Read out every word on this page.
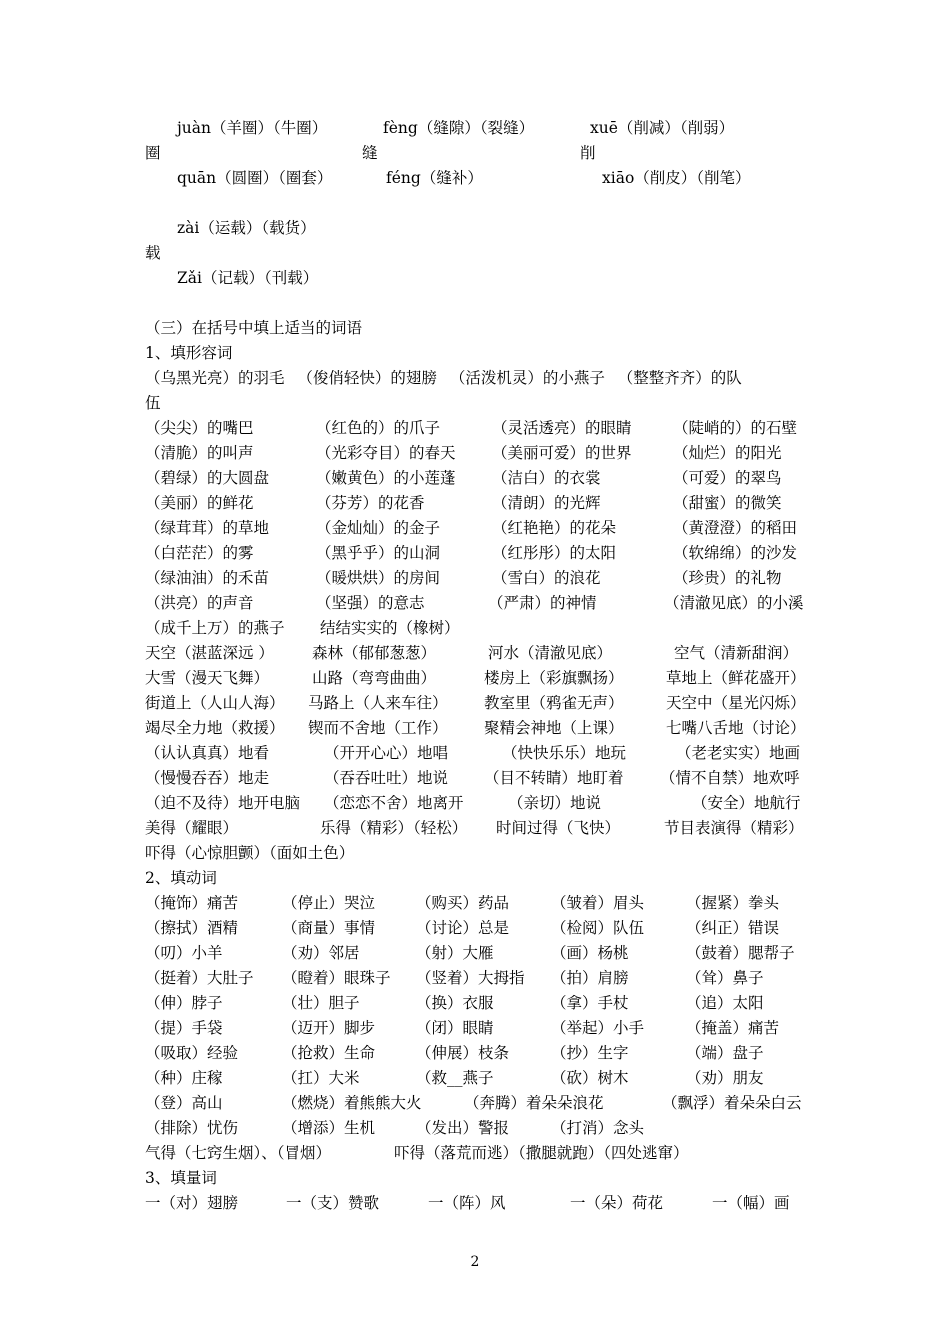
juàn（羊圈）（牛圈）	fèng（缝隙）（裂缝）	xuē（削减）（削弱）
圈	缝	削
quān（圆圈）（圈套）	féng（缝补）	xiāo（削皮）（削笔）
zài（运载）（载货）
载
Zǎi（记载）（刊载）
（三）在括号中填上适当的词语
1、填形容词
（乌黑光亮）的羽毛 （俊俏轻快）的翅膀 （活泼机灵）的小燕子 （整整齐齐）的队
伍
（尖尖）的嘴巴	（红色的）的爪子	（灵活透亮）的眼睛	（陡峭的）的石壁
（清脆）的叫声	（光彩夺目）的春天 （美丽可爱）的世界	（灿烂）的阳光
（碧绿）的大圆盘	（嫩黄色）的小莲蓬 （洁白）的衣裳	（可爱）的翠鸟
（美丽）的鲜花	（芬芳）的花香	（清朗）的光辉	（甜蜜）的微笑
（绿茸茸）的草地	（金灿灿）的金子	（红艳艳）的花朵	（黄澄澄）的稻田
（白茫茫）的雾	（黑乎乎）的山洞	（红彤彤）的太阳	（软绵绵）的沙发
（绿油油）的禾苗	（暖烘烘）的房间	（雪白）的浪花	（珍贵）的礼物
（洪亮）的声音	（坚强）的意志	（严肃）的神情	（清澈见底）的小溪
（成千上万）的燕子 结结实实的（橡树）
天空（湛蓝深远 ） 森林（郁郁葱葱）	河水（清澈见底）	空气（清新甜润）
大雪（漫天飞舞）	山路（弯弯曲曲）	楼房上（彩旗飘扬）	草地上（鲜花盛开）
街道上（人山人海） 马路上（人来车往） 教室里（鸦雀无声）	天空中（星光闪烁）
竭尽全力地（救援） 锲而不舍地（工作） 聚精会神地（上课）	七嘴八舌地（讨论）
（认认真真）地看	（开开心心）地唱	（快快乐乐）地玩	（老老实实）地画
（慢慢吞吞）地走	（吞吞吐吐）地说 （目不转睛）地盯着 （情不自禁）地欢呼
（迫不及待）地开电脑 （恋恋不舍）地离开	（亲切）地说	（安全）地航行
美得（耀眼）	乐得（精彩）（轻松） 时间过得（飞快）	节目表演得（精彩）
吓得（心惊胆颤）（面如土色）
2、填动词
（掩饰）痛苦	（停止）哭泣	（购买）药品	（皱着）眉头	（握紧）拳头
（擦拭）酒精	（商量）事情	（讨论）总是	（检阅）队伍	（纠正）错误
（叨）小羊	（劝）邻居	（射）大雁	（画）杨桃	（鼓着）腮帮子
（挺着）大肚子 （瞪着）眼珠子 （竖着）大拇指 （拍）肩膀	（耸）鼻子
（伸）脖子	（壮）胆子	（换）衣服	（拿）手杖	（追）太阳
（提）手袋	（迈开）脚步	（闭）眼睛	（举起）小手	（掩盖）痛苦
（吸取）经验	（抢救）生命	（伸展）枝条	（抄）生字	（端）盘子
（种）庄稼	（扛）大米	（救__燕子	（砍）树木	（劝）朋友
（登）高山	（燃烧）着熊熊大火	（奔腾）着朵朵浪花	（飘浮）着朵朵白云
（排除）忧伤	（增添）生机	（发出）警报	（打消）念头
气得（七窍生烟）、（冒烟）	吓得（落荒而逃）（撒腿就跑）（四处逃窜）
3、填量词
一（对）翅膀	一（支）赞歌	一（阵）风	一（朵）荷花	一（幅）画
2
